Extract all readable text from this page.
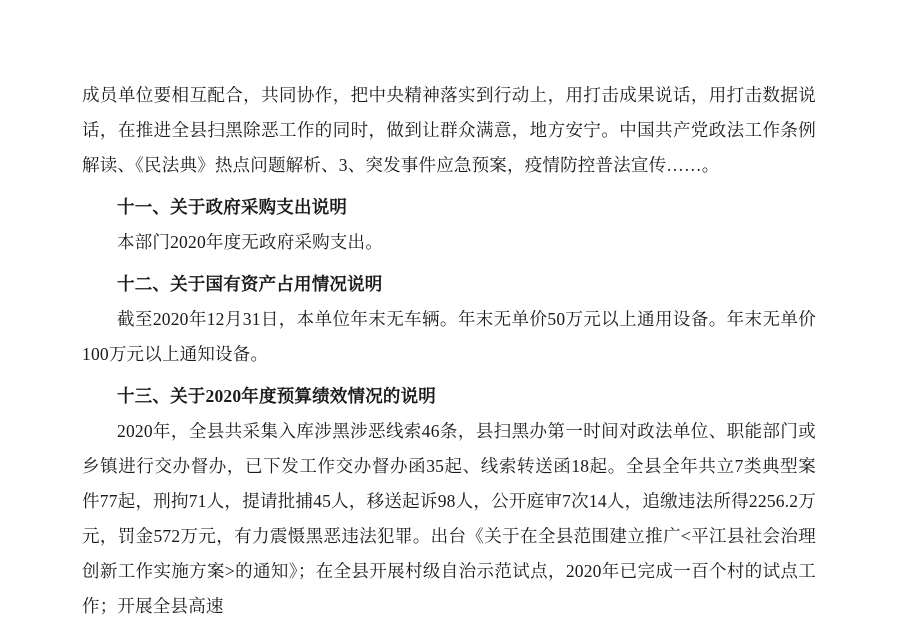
成员单位要相互配合，共同协作，把中央精神落实到行动上，用打击成果说话，用打击数据说话，在推进全县扫黑除恶工作的同时，做到让群众满意，地方安宁。中国共产党政法工作条例解读、《民法典》热点问题解析、3、突发事件应急预案，疫情防控普法宣传……。

十一、关于政府采购支出说明

本部门2020年度无政府采购支出。

十二、关于国有资产占用情况说明

截至2020年12月31日，本单位年末无车辆。年末无单价50万元以上通用设备。年末无单价100万元以上通知设备。

十三、关于2020年度预算绩效情况的说明

2020年，全县共采集入库涉黑涉恶线索46条，县扫黑办第一时间对政法单位、职能部门或乡镇进行交办督办，已下发工作交办督办函35起、线索转送函18起。全县全年共立7类典型案件77起，刑拘71人，提请批捕45人，移送起诉98人，公开庭审7次14人，追缴违法所得2256.2万元，罚金572万元，有力震慑黑恶违法犯罪。出台《关于在全县范围建立推广<平江县社会治理创新工作实施方案>的通知》；在全县开展村级自治示范试点，2020年已完成一百个村的试点工作；开展全县高速
